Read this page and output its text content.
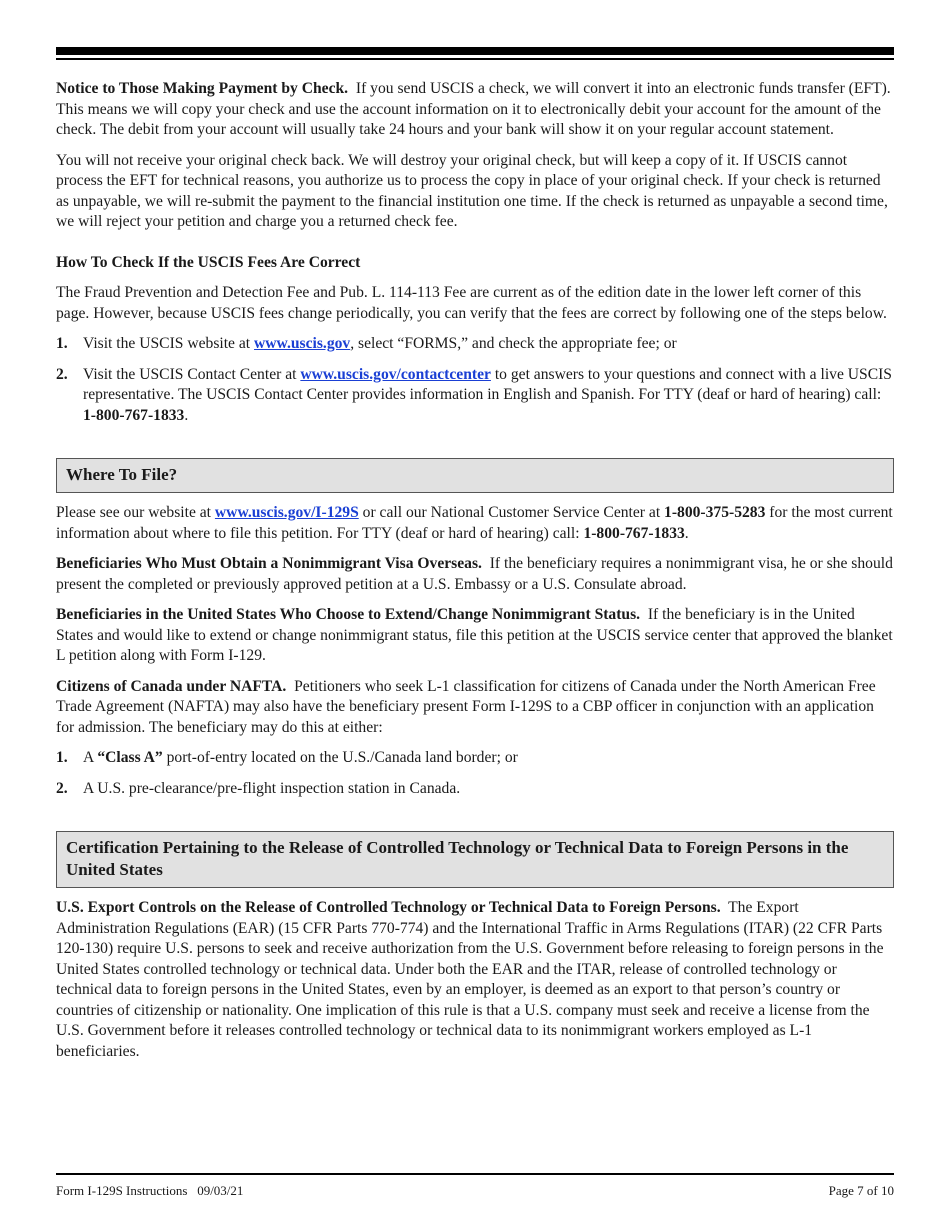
Notice to Those Making Payment by Check. If you send USCIS a check, we will convert it into an electronic funds transfer (EFT). This means we will copy your check and use the account information on it to electronically debit your account for the amount of the check. The debit from your account will usually take 24 hours and your bank will show it on your regular account statement.

You will not receive your original check back. We will destroy your original check, but will keep a copy of it. If USCIS cannot process the EFT for technical reasons, you authorize us to process the copy in place of your original check. If your check is returned as unpayable, we will re-submit the payment to the financial institution one time. If the check is returned as unpayable a second time, we will reject your petition and charge you a returned check fee.

How To Check If the USCIS Fees Are Correct

The Fraud Prevention and Detection Fee and Pub. L. 114-113 Fee are current as of the edition date in the lower left corner of this page. However, because USCIS fees change periodically, you can verify that the fees are correct by following one of the steps below.

1. Visit the USCIS website at www.uscis.gov, select “FORMS,” and check the appropriate fee; or
2. Visit the USCIS Contact Center at www.uscis.gov/contactcenter to get answers to your questions and connect with a live USCIS representative. The USCIS Contact Center provides information in English and Spanish. For TTY (deaf or hard of hearing) call: 1-800-767-1833.
Where To File?

Please see our website at www.uscis.gov/I-129S or call our National Customer Service Center at 1-800-375-5283 for the most current information about where to file this petition. For TTY (deaf or hard of hearing) call: 1-800-767-1833.

Beneficiaries Who Must Obtain a Nonimmigrant Visa Overseas. If the beneficiary requires a nonimmigrant visa, he or she should present the completed or previously approved petition at a U.S. Embassy or a U.S. Consulate abroad.

Beneficiaries in the United States Who Choose to Extend/Change Nonimmigrant Status. If the beneficiary is in the United States and would like to extend or change nonimmigrant status, file this petition at the USCIS service center that approved the blanket L petition along with Form I-129.

Citizens of Canada under NAFTA. Petitioners who seek L-1 classification for citizens of Canada under the North American Free Trade Agreement (NAFTA) may also have the beneficiary present Form I-129S to a CBP officer in conjunction with an application for admission. The beneficiary may do this at either:

1. A “Class A” port-of-entry located on the U.S./Canada land border; or
2. A U.S. pre-clearance/pre-flight inspection station in Canada.
Certification Pertaining to the Release of Controlled Technology or Technical Data to Foreign Persons in the United States

U.S. Export Controls on the Release of Controlled Technology or Technical Data to Foreign Persons. The Export Administration Regulations (EAR) (15 CFR Parts 770-774) and the International Traffic in Arms Regulations (ITAR) (22 CFR Parts 120-130) require U.S. persons to seek and receive authorization from the U.S. Government before releasing to foreign persons in the United States controlled technology or technical data. Under both the EAR and the ITAR, release of controlled technology or technical data to foreign persons in the United States, even by an employer, is deemed as an export to that person’s country or countries of citizenship or nationality. One implication of this rule is that a U.S. company must seek and receive a license from the U.S. Government before it releases controlled technology or technical data to its nonimmigrant workers employed as L-1 beneficiaries.

Form I-129S Instructions   09/03/21	Page 7 of 10
